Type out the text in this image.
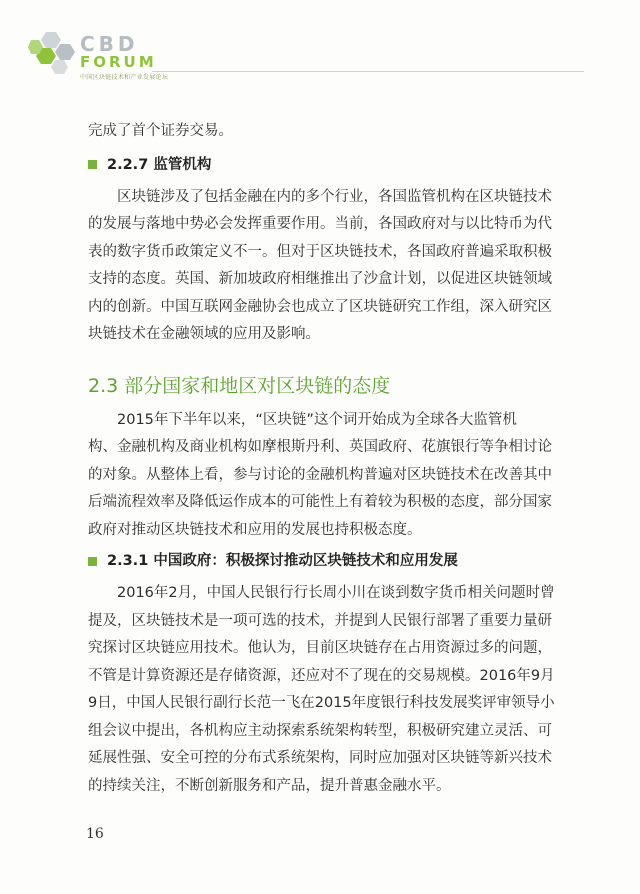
CBD
FORUM
中国区块链技术和产业发展论坛

完成了首个证券交易。

2.2.7 监管机构

区块链涉及了包括金融在内的多个行业，各国监管机构在区块链技术

的发展与落地中势必会发挥重要作用。当前，各国政府对与以比特币为代

表的数字货币政策定义不一。但对于区块链技术，各国政府普遍采取积极

支持的态度。英国、新加坡政府相继推出了沙盒计划，以促进区块链领域

内的创新。中国互联网金融协会也成立了区块链研究工作组，深入研究区

块链技术在金融领域的应用及影响。

2.3 部分国家和地区对区块链的态度

2015年下半年以来，“区块链”这个词开始成为全球各大监管机

构、金融机构及商业机构如摩根斯丹利、英国政府、花旗银行等争相讨论

的对象。从整体上看，参与讨论的金融机构普遍对区块链技术在改善其中

后端流程效率及降低运作成本的可能性上有着较为积极的态度，部分国家

政府对推动区块链技术和应用的发展也持积极态度。

2.3.1 中国政府：积极探讨推动区块链技术和应用发展

2016年2月，中国人民银行行长周小川在谈到数字货币相关问题时曾

提及，区块链技术是一项可选的技术，并提到人民银行部署了重要力量研

究探讨区块链应用技术。他认为，目前区块链存在占用资源过多的问题，

不管是计算资源还是存储资源，还应对不了现在的交易规模。2016年9月

9日，中国人民银行副行长范一飞在2015年度银行科技发展奖评审领导小

组会议中提出，各机构应主动探索系统架构转型，积极研究建立灵活、可

延展性强、安全可控的分布式系统架构，同时应加强对区块链等新兴技术

的持续关注，不断创新服务和产品，提升普惠金融水平。

16
